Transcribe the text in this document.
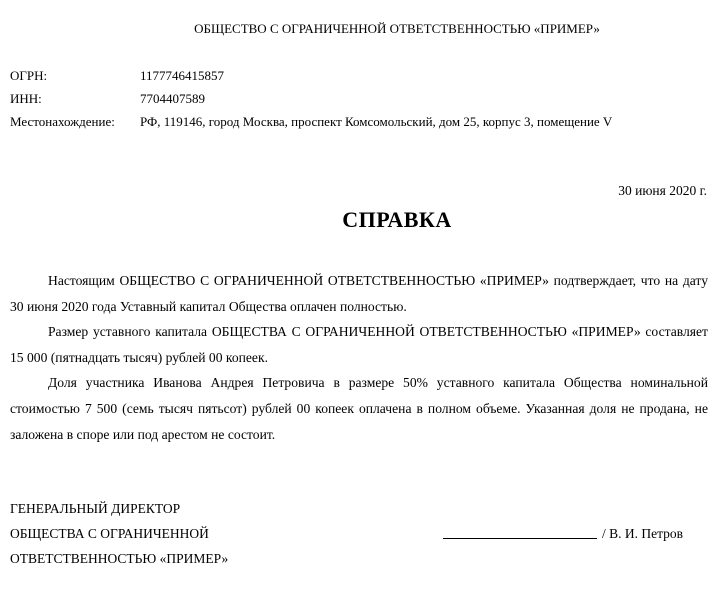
ОБЩЕСТВО С ОГРАНИЧЕННОЙ ОТВЕТСТВЕННОСТЬЮ «ПРИМЕР»
ОГРН:	1177746415857
ИНН:	7704407589
Местонахождение: РФ, 119146, город Москва, проспект Комсомольский, дом 25, корпус 3, помещение V
30 июня 2020 г.
СПРАВКА

Настоящим ОБЩЕСТВО С ОГРАНИЧЕННОЙ ОТВЕТСТВЕННОСТЬЮ «ПРИМЕР» подтверждает, что на дату 30 июня 2020 года Уставный капитал Общества оплачен полностью.

Размер уставного капитала ОБЩЕСТВА С ОГРАНИЧЕННОЙ ОТВЕТСТВЕННОСТЬЮ «ПРИМЕР» составляет 15 000 (пятнадцать тысяч) рублей 00 копеек.

Доля участника Иванова Андрея Петровича в размере 50% уставного капитала Общества номинальной стоимостью 7 500 (семь тысяч пятьсот) рублей 00 копеек оплачена в полном объеме. Указанная доля не продана, не заложена в споре или под арестом не состоит.

ГЕНЕРАЛЬНЫЙ ДИРЕКТОР
ОБЩЕСТВА С ОГРАНИЧЕННОЙ
ОТВЕТСТВЕННОСТЬЮ «ПРИМЕР»
/ В. И. Петров
